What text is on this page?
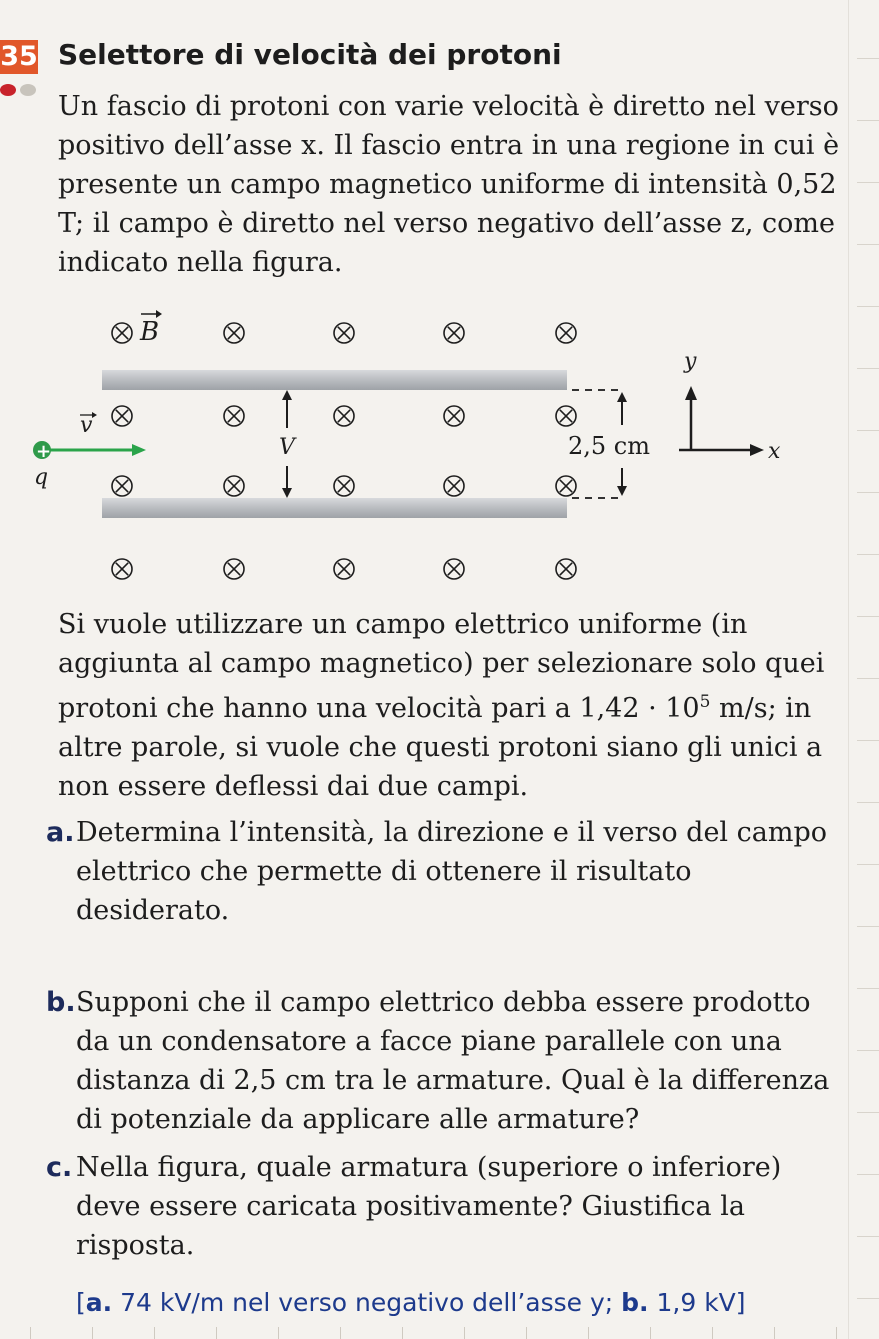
35 Selettore di velocità dei protoni

Un fascio di protoni con varie velocità è diretto nel verso positivo dell’asse x. Il fascio entra in una regione in cui è presente un campo magnetico uniforme di intensità 0,52 T; il campo è diretto nel verso negativo dell’asse z, come indicato nella figura.

B
v
+
q
V	2,5 cm
y
x

Si vuole utilizzare un campo elettrico uniforme (in aggiunta al campo magnetico) per selezionare solo quei protoni che hanno una velocità pari a $1,42 \cdot 10^5$ m/s; in altre parole, si vuole che questi protoni siano gli unici a non essere deflessi dai due campi.

a. Determina l’intensità, la direzione e il verso del campo elettrico che permette di ottenere il risultato desiderato.

b. Supponi che il campo elettrico debba essere prodotto da un condensatore a facce piane parallele con una distanza di 2,5 cm tra le armature. Qual è la differenza di potenziale da applicare alle armature?

c. Nella figura, quale armatura (superiore o inferiore) deve essere caricata positivamente? Giustifica la risposta.

[a. 74 kV/m nel verso negativo dell’asse y; b. 1,9 kV]
